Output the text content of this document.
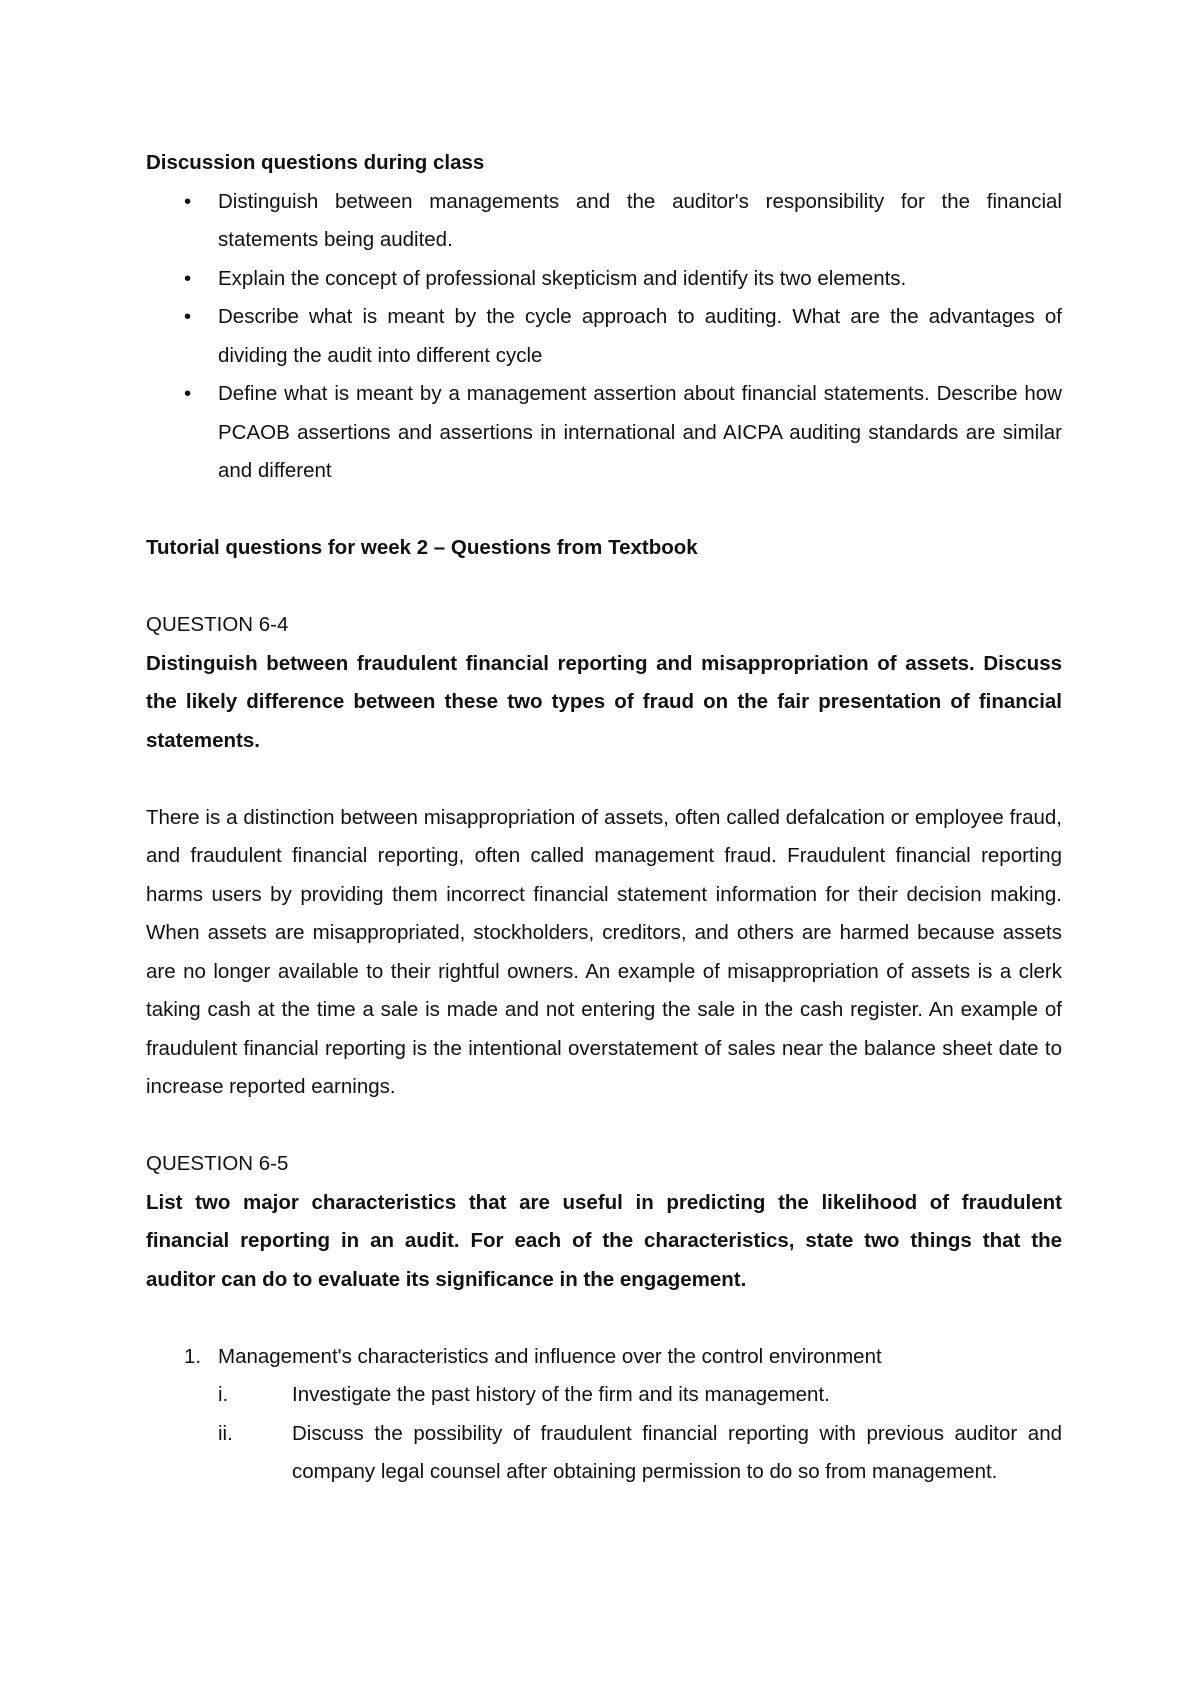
Discussion questions during class

• Distinguish between managements and the auditor's responsibility for the financial statements being audited.
• Explain the concept of professional skepticism and identify its two elements.
• Describe what is meant by the cycle approach to auditing. What are the advantages of dividing the audit into different cycle
• Define what is meant by a management assertion about financial statements. Describe how PCAOB assertions and assertions in international and AICPA auditing standards are similar and different

Tutorial questions for week 2 – Questions from Textbook

QUESTION 6-4

Distinguish between fraudulent financial reporting and misappropriation of assets. Discuss the likely difference between these two types of fraud on the fair presentation of financial statements.

There is a distinction between misappropriation of assets, often called defalcation or employee fraud, and fraudulent financial reporting, often called management fraud. Fraudulent financial reporting harms users by providing them incorrect financial statement information for their decision making. When assets are misappropriated, stockholders, creditors, and others are harmed because assets are no longer available to their rightful owners. An example of misappropriation of assets is a clerk taking cash at the time a sale is made and not entering the sale in the cash register. An example of fraudulent financial reporting is the intentional overstatement of sales near the balance sheet date to increase reported earnings.

QUESTION 6-5

List two major characteristics that are useful in predicting the likelihood of fraudulent financial reporting in an audit. For each of the characteristics, state two things that the auditor can do to evaluate its significance in the engagement.

1. Management's characteristics and influence over the control environment
i.	Investigate the past history of the firm and its management.
ii.	Discuss the possibility of fraudulent financial reporting with previous auditor and company legal counsel after obtaining permission to do so from management.
